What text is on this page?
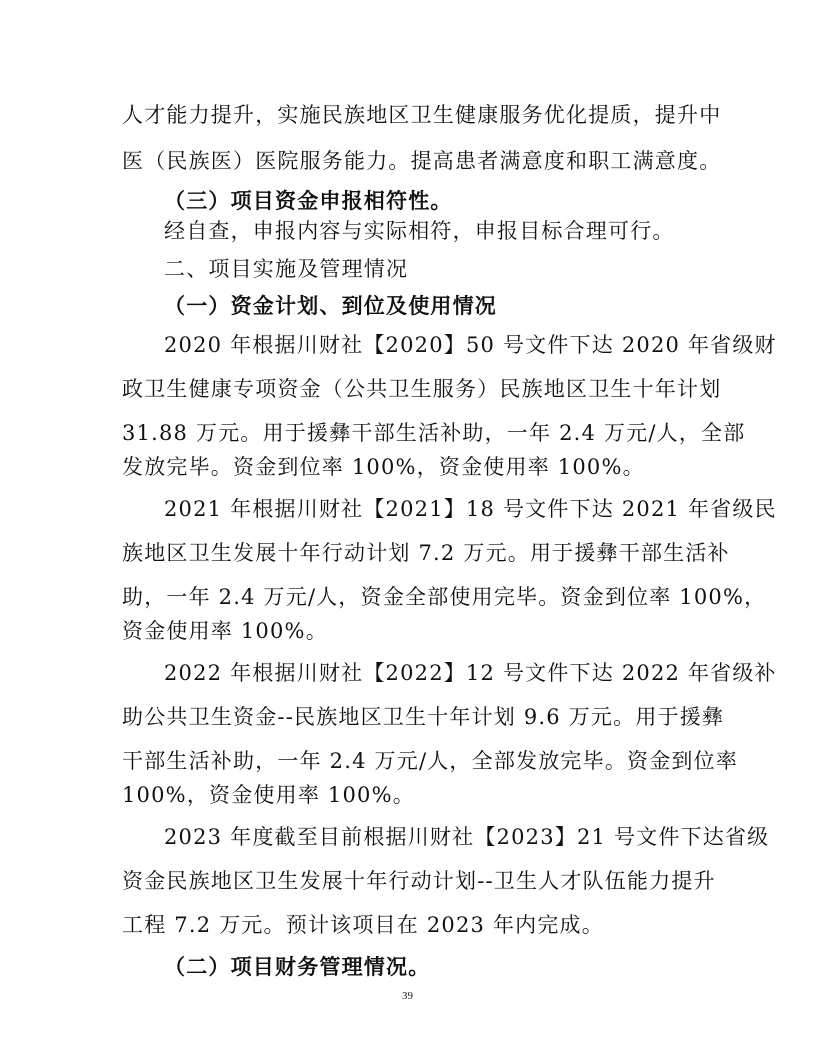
人才能力提升，实施民族地区卫生健康服务优化提质，提升中
医（民族医）医院服务能力。提高患者满意度和职工满意度。
（三）项目资金申报相符性。
经自查，申报内容与实际相符，申报目标合理可行。
二、项目实施及管理情况
（一）资金计划、到位及使用情况
2020 年根据川财社【2020】50 号文件下达 2020 年省级财
政卫生健康专项资金（公共卫生服务）民族地区卫生十年计划
31.88 万元。用于援彝干部生活补助，一年 2.4 万元/人，全部
发放完毕。资金到位率 100%，资金使用率 100%。
2021 年根据川财社【2021】18 号文件下达 2021 年省级民
族地区卫生发展十年行动计划 7.2 万元。用于援彝干部生活补
助，一年 2.4 万元/人，资金全部使用完毕。资金到位率 100%，
资金使用率 100%。
2022 年根据川财社【2022】12 号文件下达 2022 年省级补
助公共卫生资金--民族地区卫生十年计划 9.6 万元。用于援彝
干部生活补助，一年 2.4 万元/人，全部发放完毕。资金到位率
100%，资金使用率 100%。
2023 年度截至目前根据川财社【2023】21 号文件下达省级
资金民族地区卫生发展十年行动计划--卫生人才队伍能力提升
工程 7.2 万元。预计该项目在 2023 年内完成。
（二）项目财务管理情况。
39
